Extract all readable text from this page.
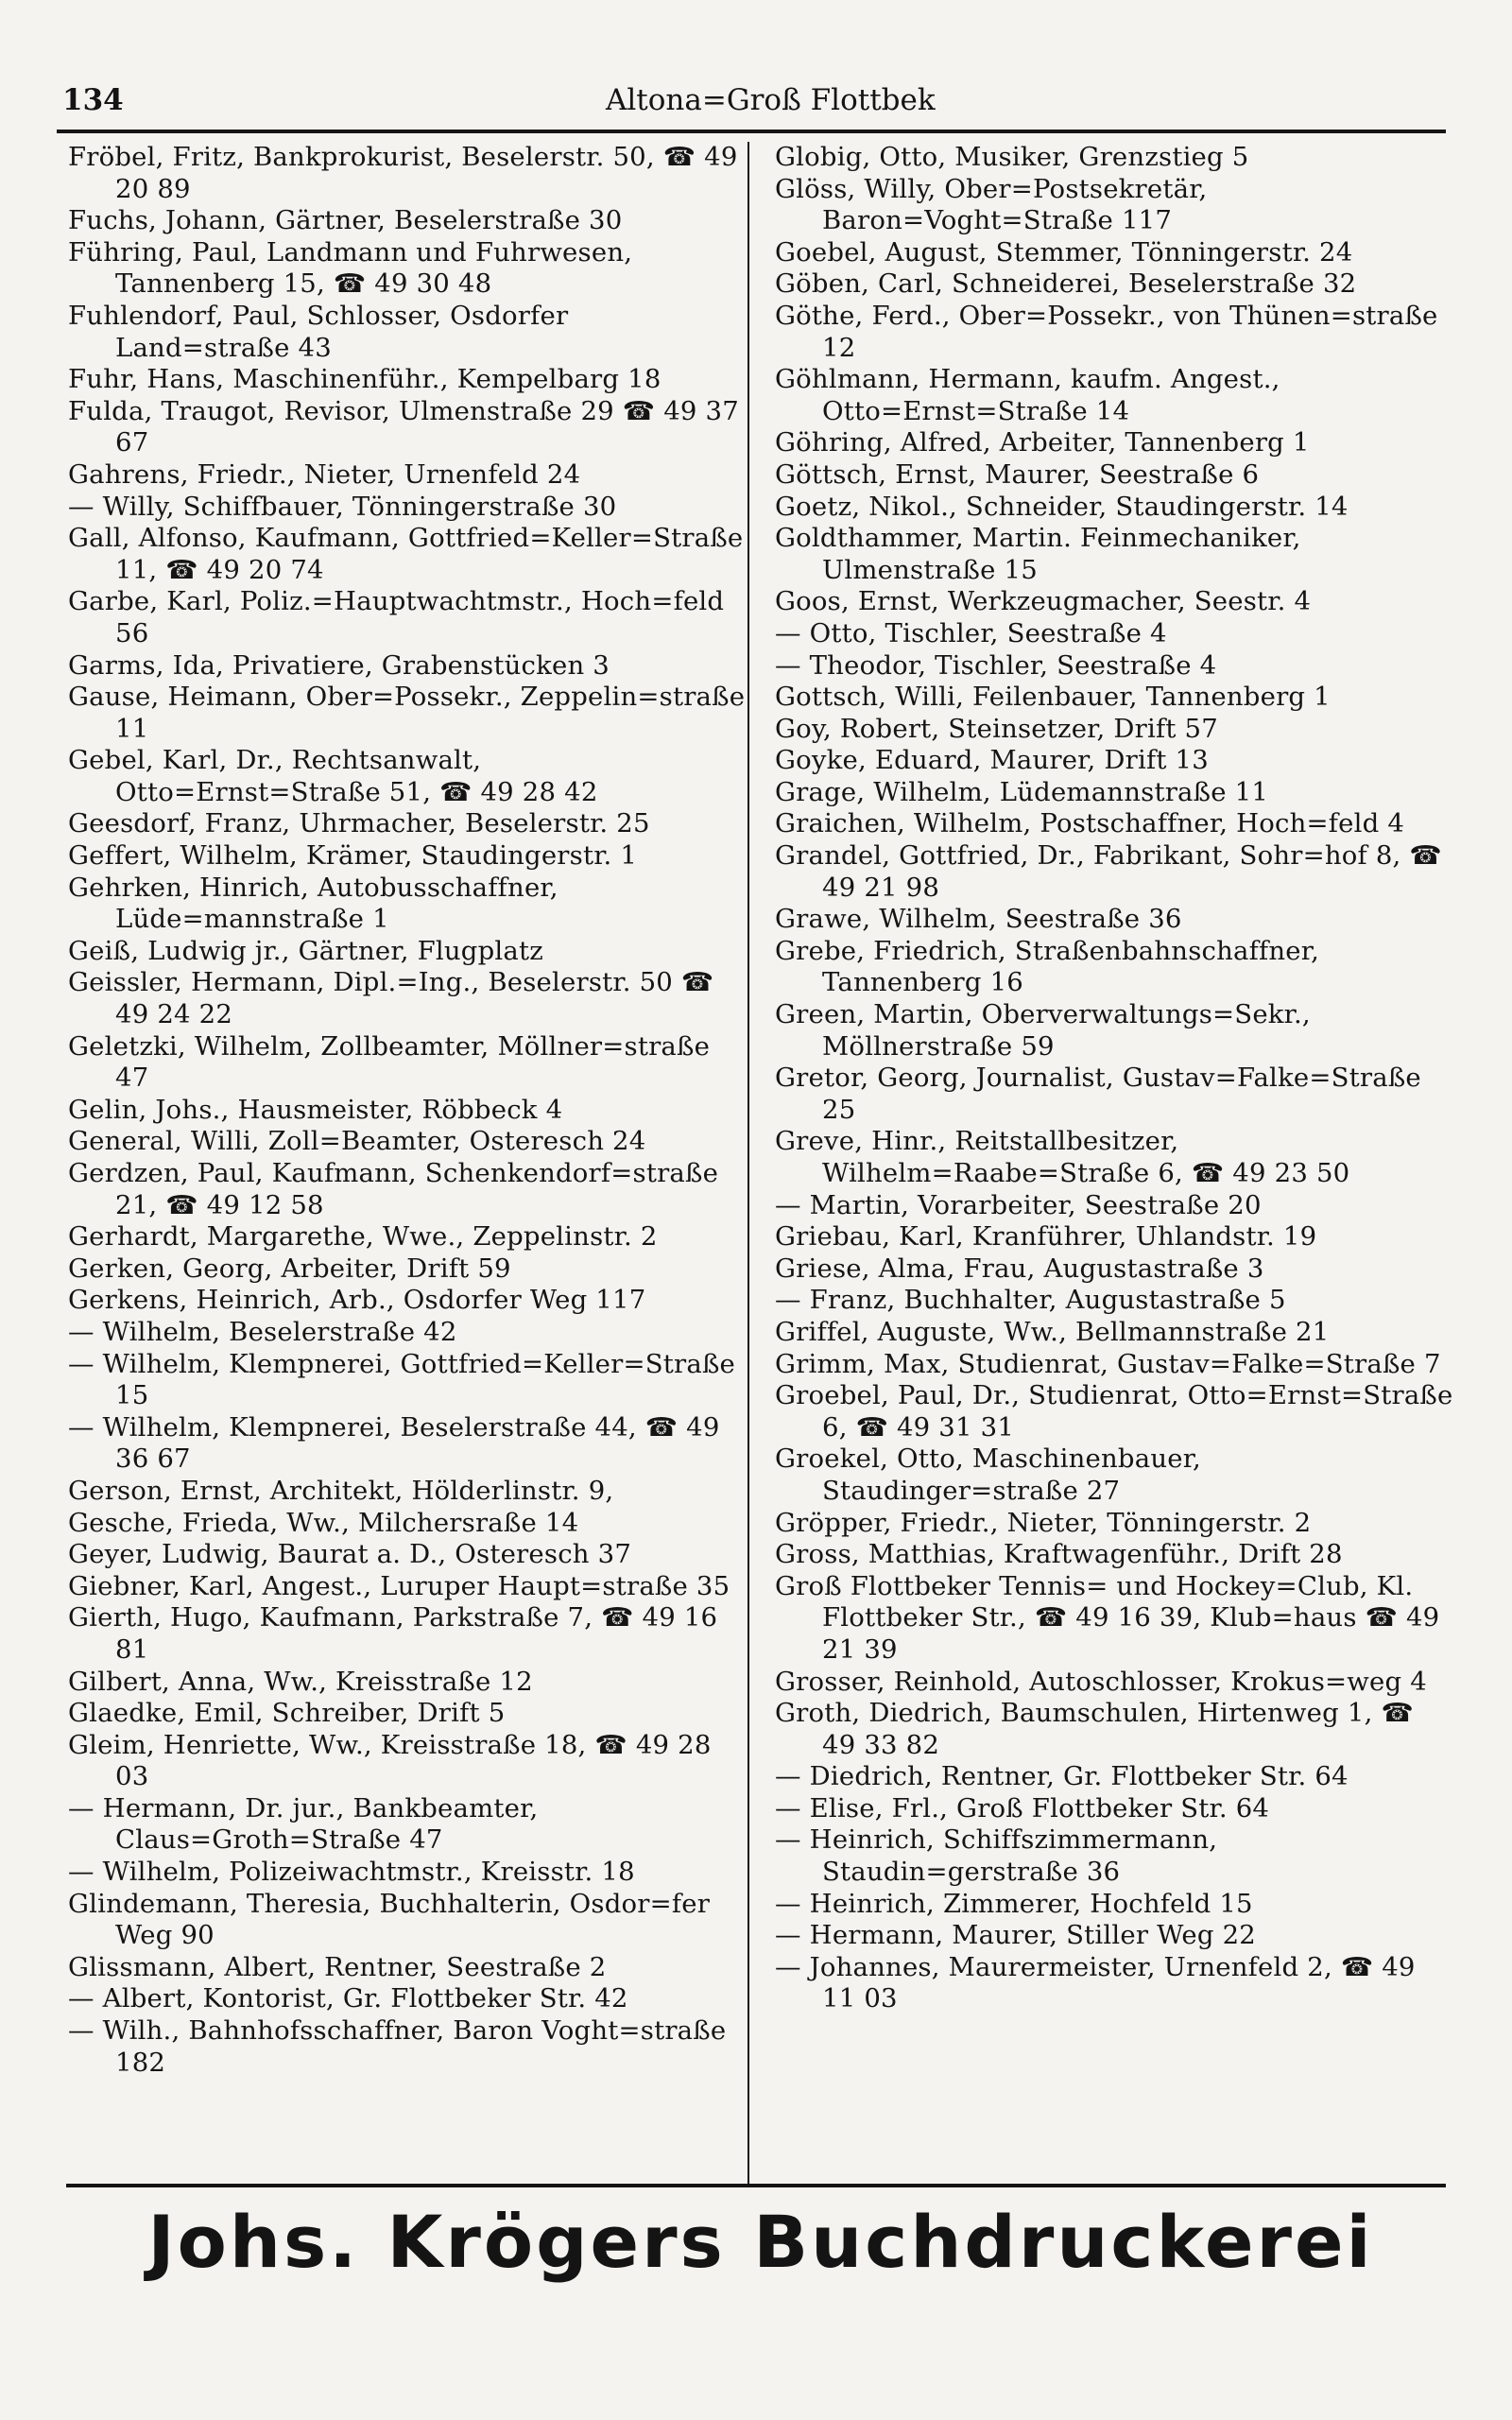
134	Altona=Groß Flottbek
Fröbel, Fritz, Bankprokurist, Beselerstr. 50, ☎ 49 20 89
Fuchs, Johann, Gärtner, Beselerstraße 30
Führing, Paul, Landmann und Fuhrwesen, Tannenberg 15, ☎ 49 30 48
Fuhlendorf, Paul, Schlosser, Osdorfer Land=straße 43
Fuhr, Hans, Maschinenführ., Kempelbarg 18
Fulda, Traugot, Revisor, Ulmenstraße 29 ☎ 49 37 67
Gahrens, Friedr., Nieter, Urnenfeld 24
— Willy, Schiffbauer, Tönningerstraße 30
Gall, Alfonso, Kaufmann, Gottfried=Keller=Straße 11, ☎ 49 20 74
Garbe, Karl, Poliz.=Hauptwachtmstr., Hoch=feld 56
Garms, Ida, Privatiere, Grabenstücken 3
Gause, Heimann, Ober=Possekr., Zeppelin=straße 11
Gebel, Karl, Dr., Rechtsanwalt, Otto=Ernst=Straße 51, ☎ 49 28 42
Geesdorf, Franz, Uhrmacher, Beselerstr. 25
Geffert, Wilhelm, Krämer, Staudingerstr. 1
Gehrken, Hinrich, Autobusschaffner, Lüde=mannstraße 1
Geiß, Ludwig jr., Gärtner, Flugplatz
Geissler, Hermann, Dipl.=Ing., Beselerstr. 50 ☎ 49 24 22
Geletzki, Wilhelm, Zollbeamter, Möllner=straße 47
Gelin, Johs., Hausmeister, Röbbeck 4
General, Willi, Zoll=Beamter, Osteresch 24
Gerdzen, Paul, Kaufmann, Schenkendorf=straße 21, ☎ 49 12 58
Gerhardt, Margarethe, Wwe., Zeppelinstr. 2
Gerken, Georg, Arbeiter, Drift 59
Gerkens, Heinrich, Arb., Osdorfer Weg 117
— Wilhelm, Beselerstraße 42
— Wilhelm, Klempnerei, Gottfried=Keller=Straße 15
— Wilhelm, Klempnerei, Beselerstraße 44, ☎ 49 36 67
Gerson, Ernst, Architekt, Hölderlinstr. 9,
Gesche, Frieda, Ww., Milchersraße 14
Geyer, Ludwig, Baurat a. D., Osteresch 37
Giebner, Karl, Angest., Luruper Haupt=straße 35
Gierth, Hugo, Kaufmann, Parkstraße 7, ☎ 49 16 81
Gilbert, Anna, Ww., Kreisstraße 12
Glaedke, Emil, Schreiber, Drift 5
Gleim, Henriette, Ww., Kreisstraße 18, ☎ 49 28 03
— Hermann, Dr. jur., Bankbeamter, Claus=Groth=Straße 47
— Wilhelm, Polizeiwachtmstr., Kreisstr. 18
Glindemann, Theresia, Buchhalterin, Osdor=fer Weg 90
Glissmann, Albert, Rentner, Seestraße 2
— Albert, Kontorist, Gr. Flottbeker Str. 42
— Wilh., Bahnhofsschaffner, Baron Voght=straße 182
Globig, Otto, Musiker, Grenzstieg 5
Glöss, Willy, Ober=Postsekretär, Baron=Voght=Straße 117
Goebel, August, Stemmer, Tönningerstr. 24
Göben, Carl, Schneiderei, Beselerstraße 32
Göthe, Ferd., Ober=Possekr., von Thünen=straße 12
Göhlmann, Hermann, kaufm. Angest., Otto=Ernst=Straße 14
Göhring, Alfred, Arbeiter, Tannenberg 1
Göttsch, Ernst, Maurer, Seestraße 6
Goetz, Nikol., Schneider, Staudingerstr. 14
Goldthammer, Martin. Feinmechaniker, Ulmenstraße 15
Goos, Ernst, Werkzeugmacher, Seestr. 4
— Otto, Tischler, Seestraße 4
— Theodor, Tischler, Seestraße 4
Gottsch, Willi, Feilenbauer, Tannenberg 1
Goy, Robert, Steinsetzer, Drift 57
Goyke, Eduard, Maurer, Drift 13
Grage, Wilhelm, Lüdemannstraße 11
Graichen, Wilhelm, Postschaffner, Hoch=feld 4
Grandel, Gottfried, Dr., Fabrikant, Sohr=hof 8, ☎ 49 21 98
Grawe, Wilhelm, Seestraße 36
Grebe, Friedrich, Straßenbahnschaffner, Tannenberg 16
Green, Martin, Oberverwaltungs=Sekr., Möllnerstraße 59
Gretor, Georg, Journalist, Gustav=Falke=Straße 25
Greve, Hinr., Reitstallbesitzer, Wilhelm=Raabe=Straße 6, ☎ 49 23 50
— Martin, Vorarbeiter, Seestraße 20
Griebau, Karl, Kranführer, Uhlandstr. 19
Griese, Alma, Frau, Augustastraße 3
— Franz, Buchhalter, Augustastraße 5
Griffel, Auguste, Ww., Bellmannstraße 21
Grimm, Max, Studienrat, Gustav=Falke=Straße 7
Groebel, Paul, Dr., Studienrat, Otto=Ernst=Straße 6, ☎ 49 31 31
Groekel, Otto, Maschinenbauer, Staudinger=straße 27
Gröpper, Friedr., Nieter, Tönningerstr. 2
Gross, Matthias, Kraftwagenführ., Drift 28
Groß Flottbeker Tennis= und Hockey=Club, Kl. Flottbeker Str., ☎ 49 16 39, Klub=haus ☎ 49 21 39
Grosser, Reinhold, Autoschlosser, Krokus=weg 4
Groth, Diedrich, Baumschulen, Hirtenweg 1, ☎ 49 33 82
— Diedrich, Rentner, Gr. Flottbeker Str. 64
— Elise, Frl., Groß Flottbeker Str. 64
— Heinrich, Schiffszimmermann, Staudin=gerstraße 36
— Heinrich, Zimmerer, Hochfeld 15
— Hermann, Maurer, Stiller Weg 22
— Johannes, Maurermeister, Urnenfeld 2, ☎ 49 11 03
Johs. Krögers Buchdruckerei
